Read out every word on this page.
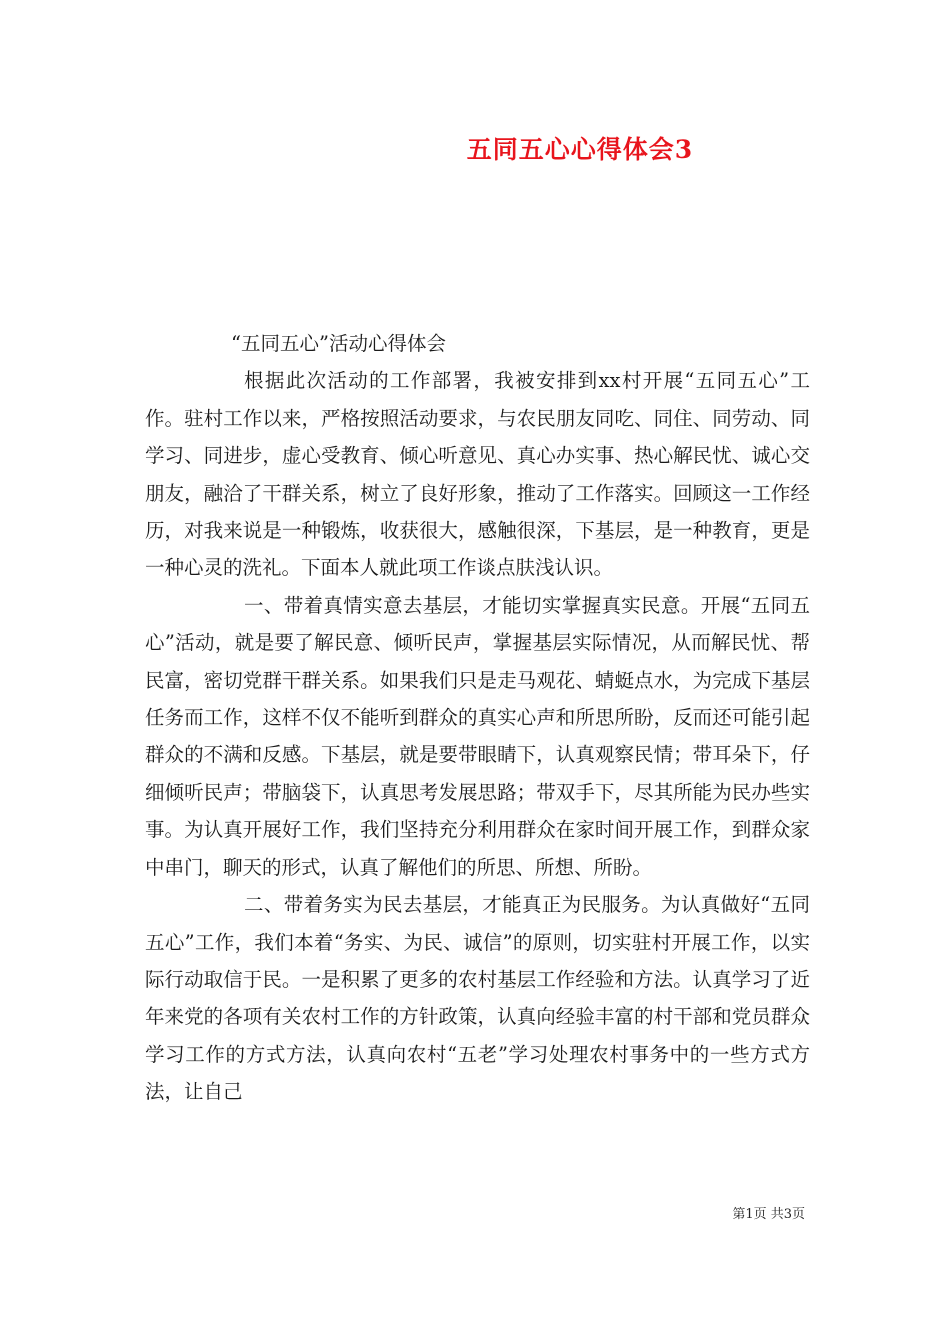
五同五心心得体会3

“五同五心”活动心得体会

根据此次活动的工作部署，我被安排到xx村开展“五同五心”工作。驻村工作以来，严格按照活动要求，与农民朋友同吃、同住、同劳动、同学习、同进步，虚心受教育、倾心听意见、真心办实事、热心解民忧、诚心交朋友，融洽了干群关系，树立了良好形象，推动了工作落实。回顾这一工作经历，对我来说是一种锻炼，收获很大，感触很深，下基层，是一种教育，更是一种心灵的洗礼。下面本人就此项工作谈点肤浅认识。

一、带着真情实意去基层，才能切实掌握真实民意。开展“五同五心”活动，就是要了解民意、倾听民声，掌握基层实际情况，从而解民忧、帮民富，密切党群干群关系。如果我们只是走马观花、蜻蜓点水，为完成下基层任务而工作，这样不仅不能听到群众的真实心声和所思所盼，反而还可能引起群众的不满和反感。下基层，就是要带眼睛下，认真观察民情；带耳朵下，仔细倾听民声；带脑袋下，认真思考发展思路；带双手下，尽其所能为民办些实事。为认真开展好工作，我们坚持充分利用群众在家时间开展工作，到群众家中串门，聊天的形式，认真了解他们的所思、所想、所盼。

二、带着务实为民去基层，才能真正为民服务。为认真做好“五同五心”工作，我们本着“务实、为民、诚信”的原则，切实驻村开展工作，以实际行动取信于民。一是积累了更多的农村基层工作经验和方法。认真学习了近年来党的各项有关农村工作的方针政策，认真向经验丰富的村干部和党员群众学习工作的方式方法，认真向农村“五老”学习处理农村事务中的一些方式方法，让自己

第1页 共3页
